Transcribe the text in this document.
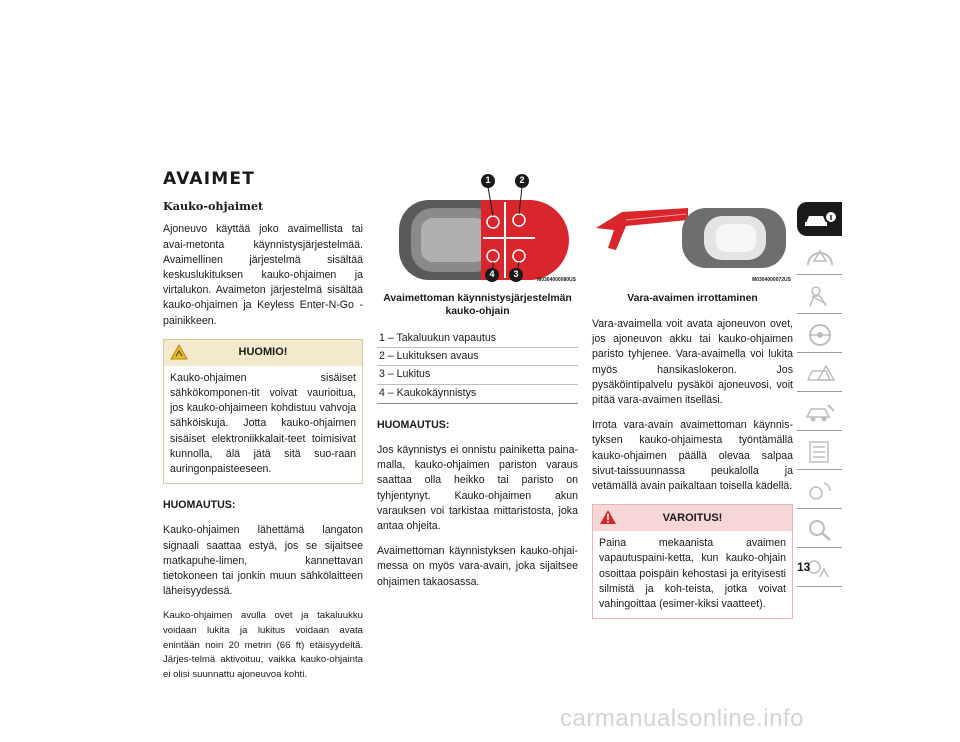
AVAIMET
Kauko-ohjaimet

Ajoneuvo käyttää joko avaimellista tai avai-metonta käynnistysjärjestelmää. Avaimellinen järjestelmä sisältää keskuslukituksen kauko-ohjaimen ja virtalukon. Avaimeton järjestelmä sisältää kauko-ohjaimen ja Keyless Enter-N-Go -painikkeen.

HUOMIO!
Kauko-ohjaimen sisäiset sähkökomponen-tit voivat vaurioitua, jos kauko-ohjaimeen kohdistuu vahvoja sähköiskuja. Jotta kauko-ohjaimen sisäiset elektroniikkalait-teet toimisivat kunnolla, älä jätä sitä suo-raan auringonpaisteeseen.

HUOMAUTUS:

Kauko-ohjaimen lähettämä langaton signaali saattaa estyä, jos se sijaitsee matkapuhe-limen, kannettavan tietokoneen tai jonkin muun sähkölaitteen läheisyydessä.

Kauko-ohjaimen avulla ovet ja takaluukku voidaan lukita ja lukitus voidaan avata enintään noin 20 metrin (66 ft) etäisyydeltä. Järjes-telmä aktivoituu, vaikka kauko-ohjainta ei olisi suunnattu ajoneuvoa kohti.

1	2
3
4
M0304000080US
Avaimettoman käynnistysjärjestelmän kauko-ohjain
1 – Takaluukun vapautus
2 – Lukituksen avaus
3 – Lukitus
4 – Kaukokäynnistys

HUOMAUTUS:

Jos käynnistys ei onnistu painiketta paina-malla, kauko-ohjaimen pariston varaus saattaa olla heikko tai paristo on tyhjentynyt. Kauko-ohjaimen akun varauksen voi tarkistaa mittaristosta, joka antaa ohjeita.

Avaimettoman käynnistyksen kauko-ohjai-messa on myös vara-avain, joka sijaitsee ohjaimen takaosassa.

M0304000072US
Vara-avaimen irrottaminen

Vara-avaimella voit avata ajoneuvon ovet, jos ajoneuvon akku tai kauko-ohjaimen paristo tyhjenee. Vara-avaimella voi lukita myös hansikaslokeron. Jos pysäköintipalvelu pysäköi ajoneuvosi, voit pitää vara-avaimen itselläsi.

Irrota vara-avain avaimettoman käynnis-tyksen kauko-ohjaimesta työntämällä kauko-ohjaimen päällä olevaa salpaa sivut-taissuunnassa peukalolla ja vetämällä avain paikaltaan toisella kädellä.

VAROITUS!
Paina mekaanista avaimen vapautuspaini-ketta, kun kauko-ohjain osoittaa poispäin kehostasi ja erityisesti silmistä ja koh-teista, jotka voivat vahingoittaa (esimer-kiksi vaatteet).
13
carmanualsonline.info
